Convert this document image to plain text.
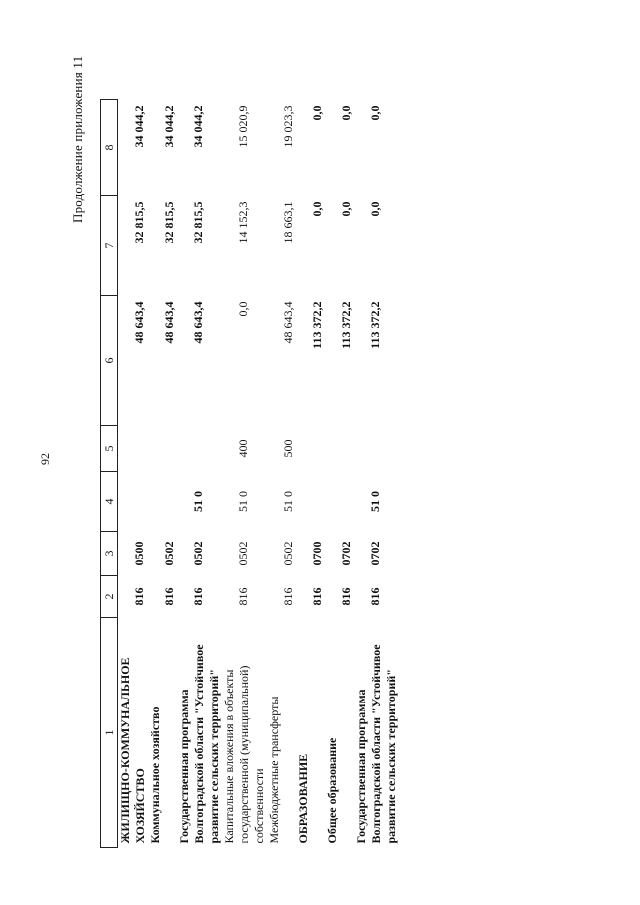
92
Продолжение приложения 11
1	2	3	4	5	6	7	8
ЖИЛИЩНО-КОММУНАЛЬНОЕ ХОЗЯЙСТВО	816	0500			48 643,4	32 815,5	34 044,2
Коммунальное хозяйство	816	0502			48 643,4	32 815,5	34 044,2
Государственная программа Волгоградской области "Устойчивое развитие сельских территорий"	816	0502	51 0		48 643,4	32 815,5	34 044,2
Капитальные вложения в объекты государственной (муниципальной) собственности	816	0502	51 0	400	0,0	14 152,3	15 020,9
Межбюджетные трансферты	816	0502	51 0	500	48 643,4	18 663,1	19 023,3
ОБРАЗОВАНИЕ	816	0700			113 372,2	0,0	0,0
Общее образование	816	0702			113 372,2	0,0	0,0
Государственная программа Волгоградской области "Устойчивое развитие сельских территорий"	816	0702	51 0		113 372,2	0,0	0,0
